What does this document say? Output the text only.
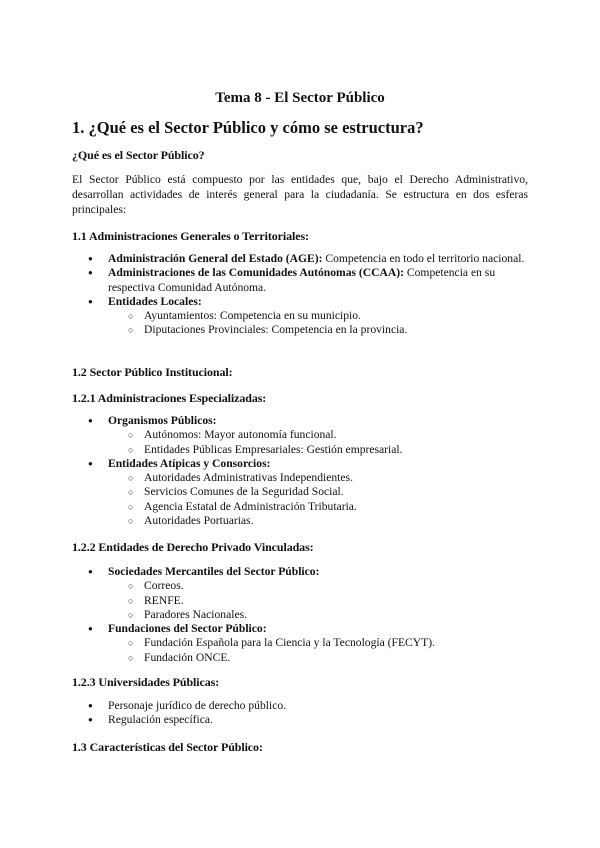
Tema 8 - El Sector Público
1. ¿Qué es el Sector Público y cómo se estructura?
¿Qué es el Sector Público?
El Sector Público está compuesto por las entidades que, bajo el Derecho Administrativo, desarrollan actividades de interés general para la ciudadanía. Se estructura en dos esferas principales:
1.1 Administraciones Generales o Territoriales:
● Administración General del Estado (AGE): Competencia en todo el territorio nacional.
● Administraciones de las Comunidades Autónomas (CCAA): Competencia en su respectiva Comunidad Autónoma.
● Entidades Locales:
○ Ayuntamientos: Competencia en su municipio.
○ Diputaciones Provinciales: Competencia en la provincia.
1.2 Sector Público Institucional:
1.2.1 Administraciones Especializadas:
● Organismos Públicos:
○ Autónomos: Mayor autonomía funcional.
○ Entidades Públicas Empresariales: Gestión empresarial.
● Entidades Atípicas y Consorcios:
○ Autoridades Administrativas Independientes.
○ Servicios Comunes de la Seguridad Social.
○ Agencia Estatal de Administración Tributaria.
○ Autoridades Portuarias.
1.2.2 Entidades de Derecho Privado Vinculadas:
● Sociedades Mercantiles del Sector Público:
○ Correos.
○ RENFE.
○ Paradores Nacionales.
● Fundaciones del Sector Público:
○ Fundación Española para la Ciencia y la Tecnología (FECYT).
○ Fundación ONCE.
1.2.3 Universidades Públicas:
● Personaje jurídico de derecho público.
● Regulación específica.
1.3 Características del Sector Público:
